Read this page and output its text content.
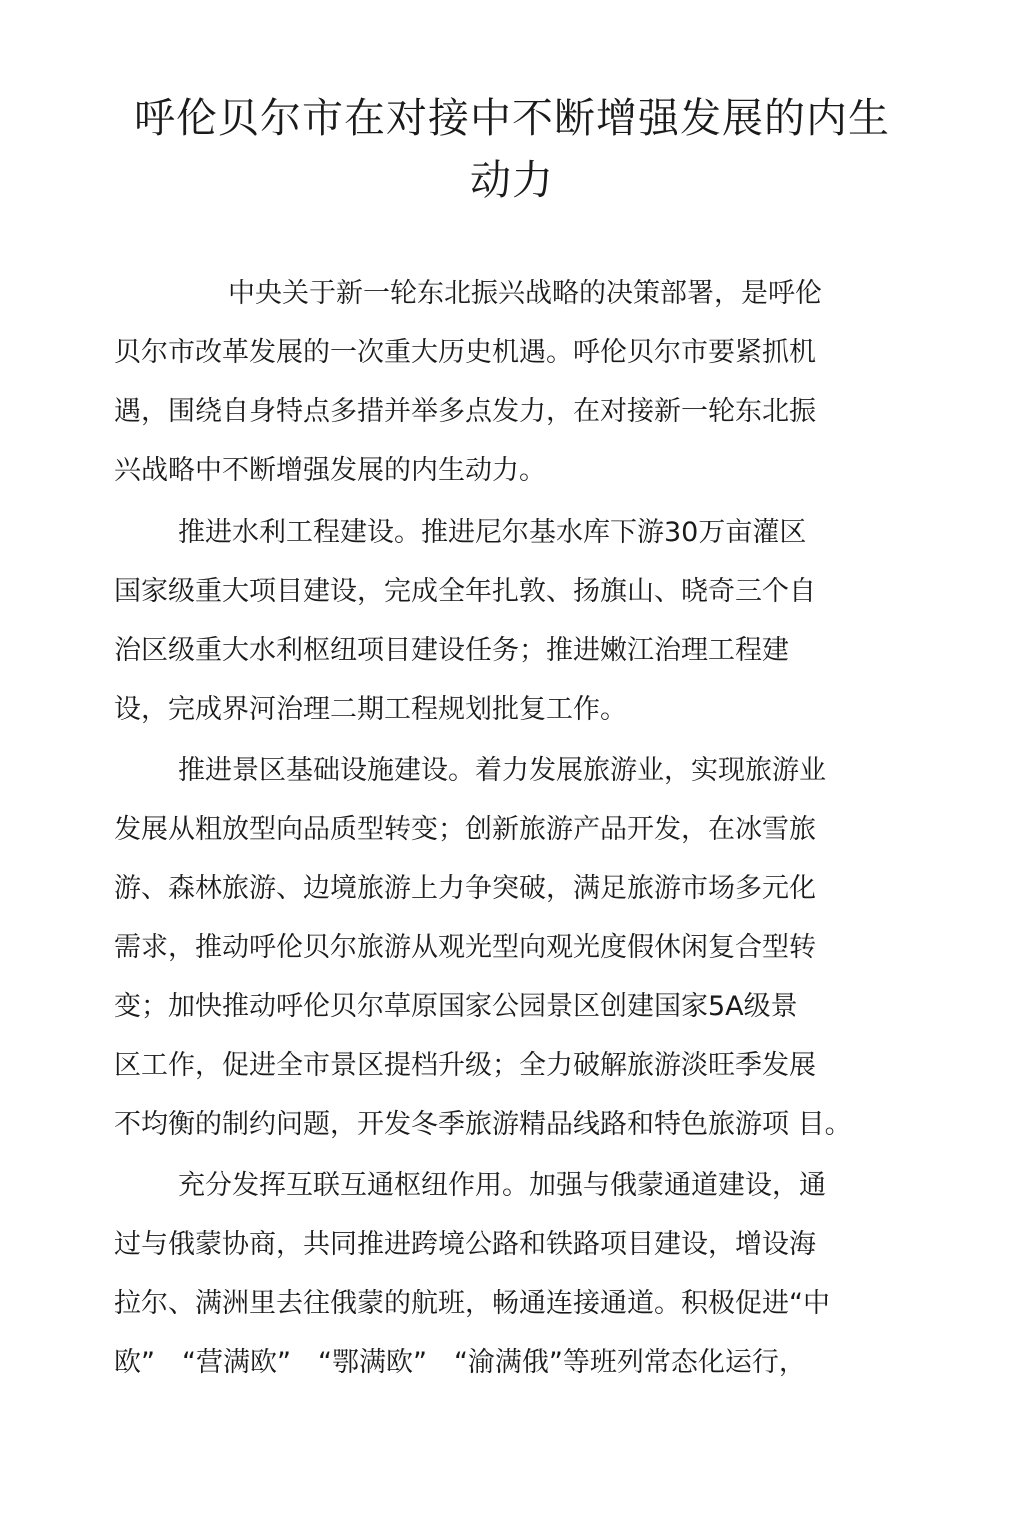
呼伦贝尔市在对接中不断增强发展的内生
动力
中央关于新一轮东北振兴战略的决策部署，是呼伦
贝尔市改革发展的一次重大历史机遇。呼伦贝尔市要紧抓机
遇，围绕自身特点多措并举多点发力，在对接新一轮东北振
兴战略中不断增强发展的内生动力。
推进水利工程建设。推进尼尔基水库下游30万亩灌区
国家级重大项目建设，完成全年扎敦、扬旗山、晓奇三个自
治区级重大水利枢纽项目建设任务；推进嫩江治理工程建
设，完成界河治理二期工程规划批复工作。
推进景区基础设施建设。着力发展旅游业，实现旅游业
发展从粗放型向品质型转变；创新旅游产品开发，在冰雪旅
游、森林旅游、边境旅游上力争突破，满足旅游市场多元化
需求，推动呼伦贝尔旅游从观光型向观光度假休闲复合型转
变；加快推动呼伦贝尔草原国家公园景区创建国家5A级景
区工作，促进全市景区提档升级；全力破解旅游淡旺季发展
不均衡的制约问题，开发冬季旅游精品线路和特色旅游项 目。
充分发挥互联互通枢纽作用。加强与俄蒙通道建设，通
过与俄蒙协商，共同推进跨境公路和铁路项目建设，增设海
拉尔、满洲里去往俄蒙的航班，畅通连接通道。积极促进“中
欧”　“营满欧”　“鄂满欧”　“渝满俄”等班列常态化运行，
